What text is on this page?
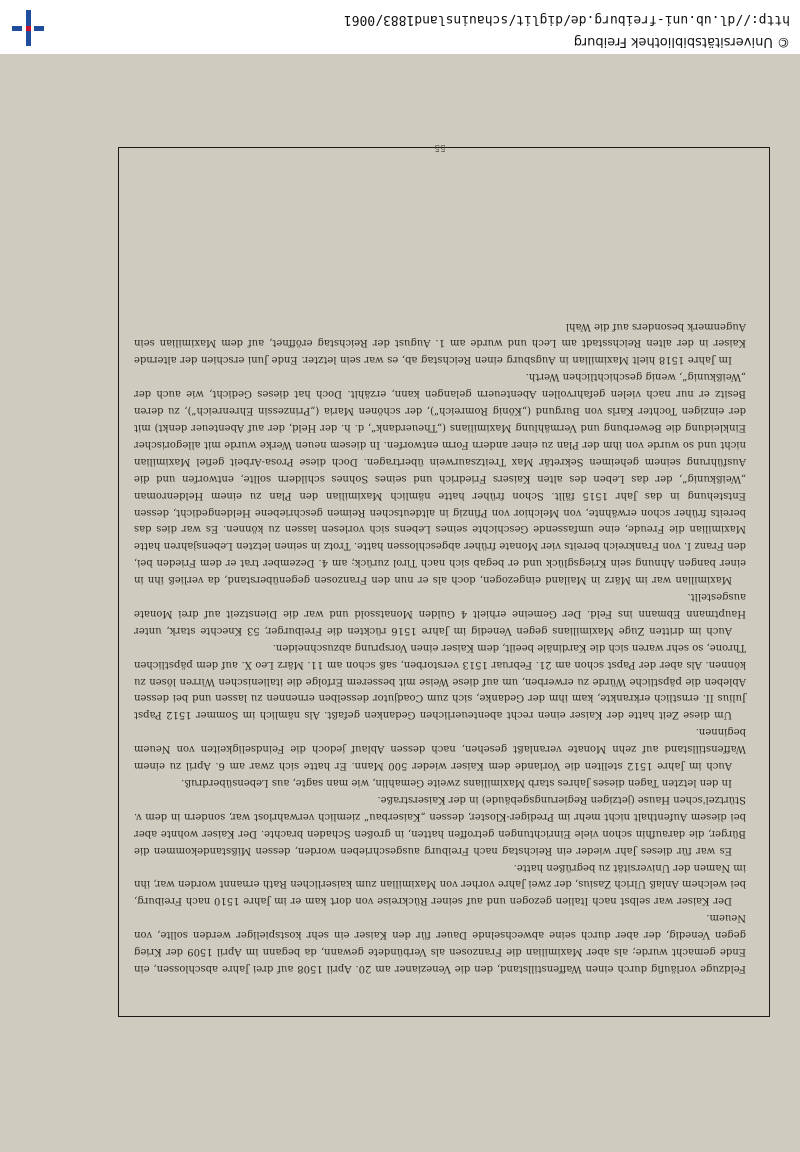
Feldzuge vorläufig durch einen Waffenstillstand, den die Venezianer am 20. April 1508 auf drei Jahre abschlossen, ein Ende gemacht wurde; als aber Maximilian die Franzosen als Verbündete gewann, da begann im April 1509 der Krieg gegen Venedig, der aber durch seine abwechselnde Dauer für den Kaiser ein sehr kostspieliger werden sollte, von Neuem.

Der Kaiser war selbst nach Italien gezogen und auf seiner Rückreise von dort kam er im Jahre 1510 nach Freiburg, bei welchem Anlaß Ulrich Zasius, der zwei Jahre vorher von Maximilian zum kaiserlichen Rath ernannt worden war, ihn im Namen der Universität zu begrüßen hatte.

Es war für dieses Jahr wieder ein Reichstag nach Freiburg ausgeschrieben worden, dessen Mißstandekommen die Bürger, die daraufhin schon viele Einrichtungen getroffen hatten, in großen Schaden brachte. Der Kaiser wohnte aber bei diesem Aufenthalt nicht mehr im Prediger-Kloster, dessen „Kaiserbau“ ziemlich verwahrlost war, sondern in dem v. Stürtzel'schen Hause (jetzigen Regierungsgebäude) in der Kaiserstraße.

In den letzten Tagen dieses Jahres starb Maximilians zweite Gemahlin, wie man sagte, aus Lebensüberdruß.

Auch im Jahre 1512 stellten die Vorlande dem Kaiser wieder 500 Mann. Er hatte sich zwar am 6. April zu einem Waffenstillstand auf zehn Monate veranlaßt gesehen, nach dessen Ablauf jedoch die Feindseligkeiten von Neuem beginnen.

Um diese Zeit hatte der Kaiser einen recht abenteuerlichen Gedanken gefaßt. Als nämlich im Sommer 1512 Papst Julius II. ernstlich erkrankte, kam ihm der Gedanke, sich zum Coadjutor desselben ernennen zu lassen und bei dessen Ableben die päpstliche Würde zu erwerben, um auf diese Weise mit besserem Erfolge die italienischen Wirren lösen zu können. Als aber der Papst schon am 21. Februar 1513 verstorben, saß schon am 11. März Leo X. auf dem päpstlichen Throne, so sehr waren sich die Kardinäle beeilt, dem Kaiser einen Vorsprung abzuschneiden.

Auch im dritten Zuge Maximilians gegen Venedig im Jahre 1516 rückten die Freiburger, 53 Knechte stark, unter Hauptmann Ebmann ins Feld. Der Gemeine erhielt 4 Gulden Monatssold und war die Dienstzeit auf drei Monate ausgestellt.

Maximilian war im März in Mailand eingezogen, doch als er nun den Franzosen gegenüberstand, da verließ ihn in einer bangen Ahnung sein Kriegsglück und er begab sich nach Tirol zurück; am 4. Dezember trat er dem Frieden bei, den Franz I. von Frankreich bereits vier Monate früher abgeschlossen hatte. Trotz in seinen letzten Lebensjahren hatte Maximilian die Freude, eine umfassende Geschichte seines Lebens sich vorlesen lassen zu können. Es war dies das bereits früher schon erwähnte, von Melchior von Pfinzig in altdeutschen Reimen geschriebene Heldengedicht, dessen Entstehung in das Jahr 1515 fällt. Schon früher hatte nämlich Maximilian den Plan zu einem Heldenroman „Weißkunig“, der das Leben des alten Kaisers Friedrich und seines Sohnes schildern sollte, entworfen und die Ausführung seinem geheimen Sekretär Max Treitzsaurwein übertragen. Doch diese Prosa-Arbeit gefiel Maximilian nicht und so wurde von ihm der Plan zu einer andern Form entworfen. In diesem neuen Werke wurde mit allegorischer Einkleidung die Bewerbung und Vermählung Maximilians („Theuerdank“, d. h. der Held, der auf Abenteuer denkt) mit der einzigen Tochter Karls von Burgund („König Romreich“), der schönen Maria („Prinzessin Ehrenreich“), zu deren Besitz er nur nach vielen gefahrvollen Abenteuern gelangen kann, erzählt. Doch hat dieses Gedicht, wie auch der „Weißkunig“, wenig geschichtlichen Werth.

Im Jahre 1518 hielt Maximilian in Augsburg einen Reichstag ab, es war sein letzter. Ende Juni erschien der alternde Kaiser in der alten Reichsstadt am Lech und wurde am 1. August der Reichstag eröffnet, auf dem Maximilian sein Augenmerk besonders auf die Wahl

55
© Universitätsbibliothek Freiburg
http://dl.ub.uni-freiburg.de/diglit/schauinsland1883/0061
